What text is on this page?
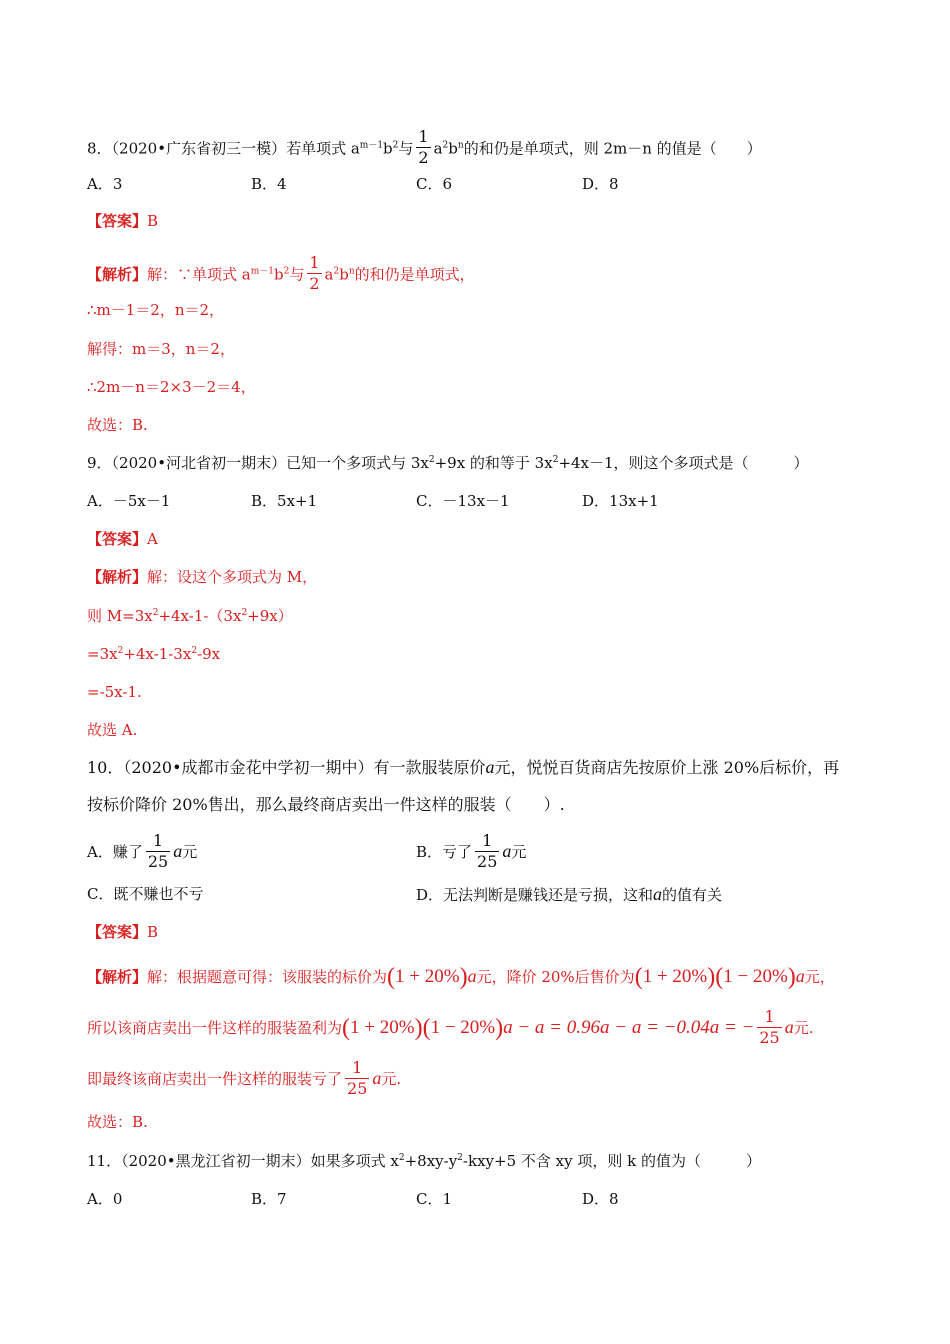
8．（2020•广东省初三一模）若单项式 $a^{m-1}b^2$与 $\frac{1}{2} a^2b^n$的和仍是单项式，则 2m－n 的值是（　　）
A．3	B．4	C．6	D．8
【答案】B
【解析】解：∵单项式 $a^{m-1}b^2$与 $\frac{1}{2} a^2b^n$的和仍是单项式，
∴m－1＝2，n＝2，
解得：m＝3，n＝2，
∴2m－n＝2×3－2＝4，
故选：B.
9．（2020•河北省初一期末）已知一个多项式与 $3x^2+9x$ 的和等于 $3x^2+4x-1$，则这个多项式是（　　　）
A．－5x－1	B．5x+1	C．－13x－1	D．13x+1
【答案】A
【解析】解：设这个多项式为 M，
则 $M=3x^2+4x-1-(3x^2+9x)$
$=3x^2+4x-1-3x^2-9x$
=-5x-1.
故选 A.
10．（2020•成都市金花中学初一期中）有一款服装原价a元，悦悦百货商店先按原价上涨 20%后标价，再
按标价降价 20%售出，那么最终商店卖出一件这样的服装（　　）.
A．赚了 $\frac{1}{25}$ a元	B．亏了 $\frac{1}{25}$ a元
C．既不赚也不亏	D．无法判断是赚钱还是亏损，这和a的值有关
【答案】B
【解析】解：根据题意可得：该服装的标价为(1 + 20%)a元，降价 20%后售价为(1 + 20%)(1 − 20%)a元，
所以该商店卖出一件这样的服装盈利为(1 + 20%)(1 − 20%)a − a = 0.96a − a = −0.04a = − $\frac{1}{25}$ a元.
即最终该商店卖出一件这样的服装亏了 $\frac{1}{25}$ a元.
故选：B.
11．（2020•黑龙江省初一期末）如果多项式 $x^2+8xy-y^2-kxy+5$ 不含 xy 项，则 k 的值为（　　　）
A．0	B．7	C．1	D．8
